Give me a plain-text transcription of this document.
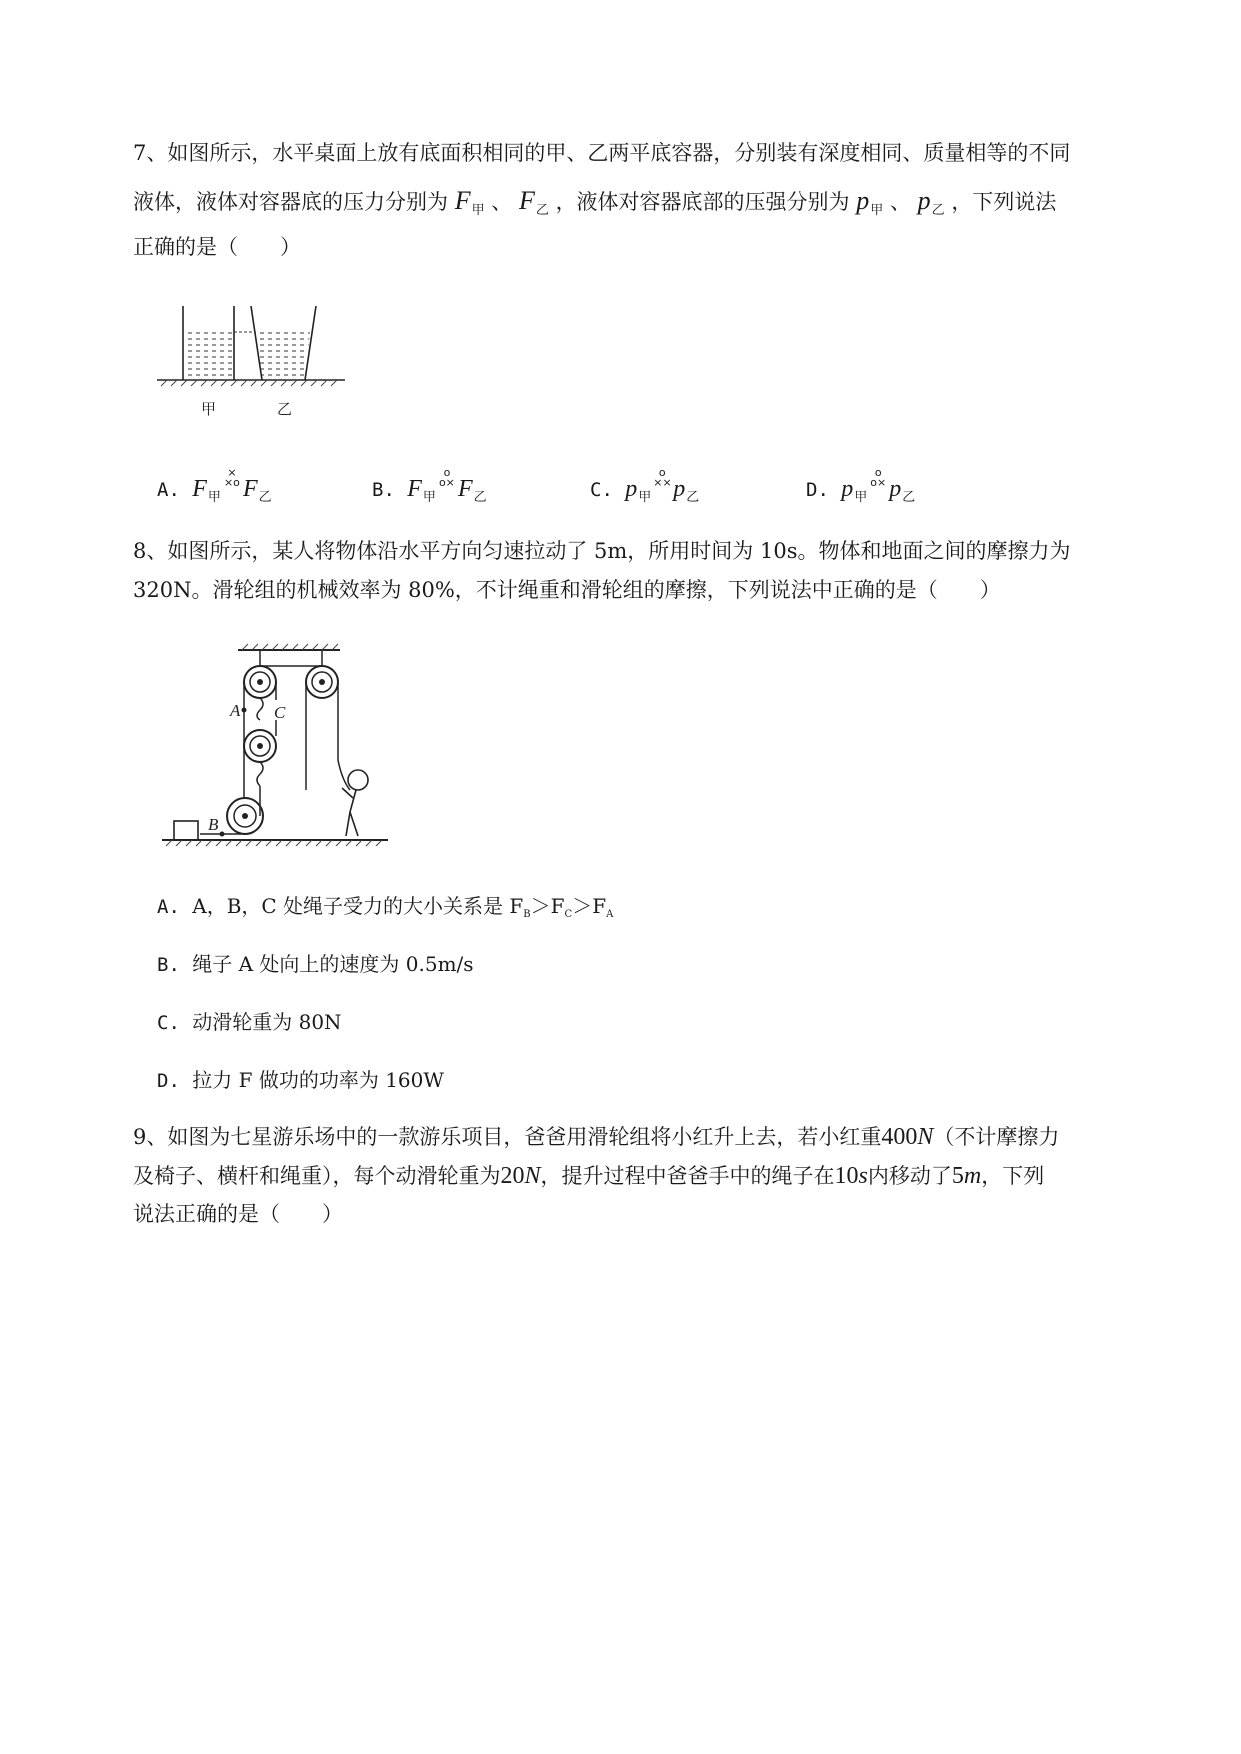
7、如图所示，水平桌面上放有底面积相同的甲、乙两平底容器，分别装有深度相同、质量相等的不同
液体，液体对容器底的压力分别为 $F_甲$ 、 $F_乙$ ，液体对容器底部的压强分别为 $p_甲$ 、 $p_乙$ ，下列说法
正确的是（　　）
甲	乙
A. $F_甲$
×
×o $F_乙$	B. $F_甲$
o
$o\times F_乙$	C. $p_甲$
o
×× $p_乙$	D. $p_甲$
o
$o\times p_乙$
8、如图所示，某人将物体沿水平方向匀速拉动了 5m，所用时间为 10s。物体和地面之间的摩擦力为
320N。滑轮组的机械效率为 80%，不计绳重和滑轮组的摩擦，下列说法中正确的是（　　）
A C
B
A. A，B，C 处绳子受力的大小关系是 $F_B>F_C>F_A$
B. 绳子 A 处向上的速度为 0.5m/s
C. 动滑轮重为 80N
D. 拉力 F 做功的功率为 160W
9、如图为七星游乐场中的一款游乐项目，爸爸用滑轮组将小红升上去，若小红重400N（不计摩擦力
及椅子、横杆和绳重），每个动滑轮重为20N，提升过程中爸爸手中的绳子在10s内移动了5m，下列
说法正确的是（　　）
